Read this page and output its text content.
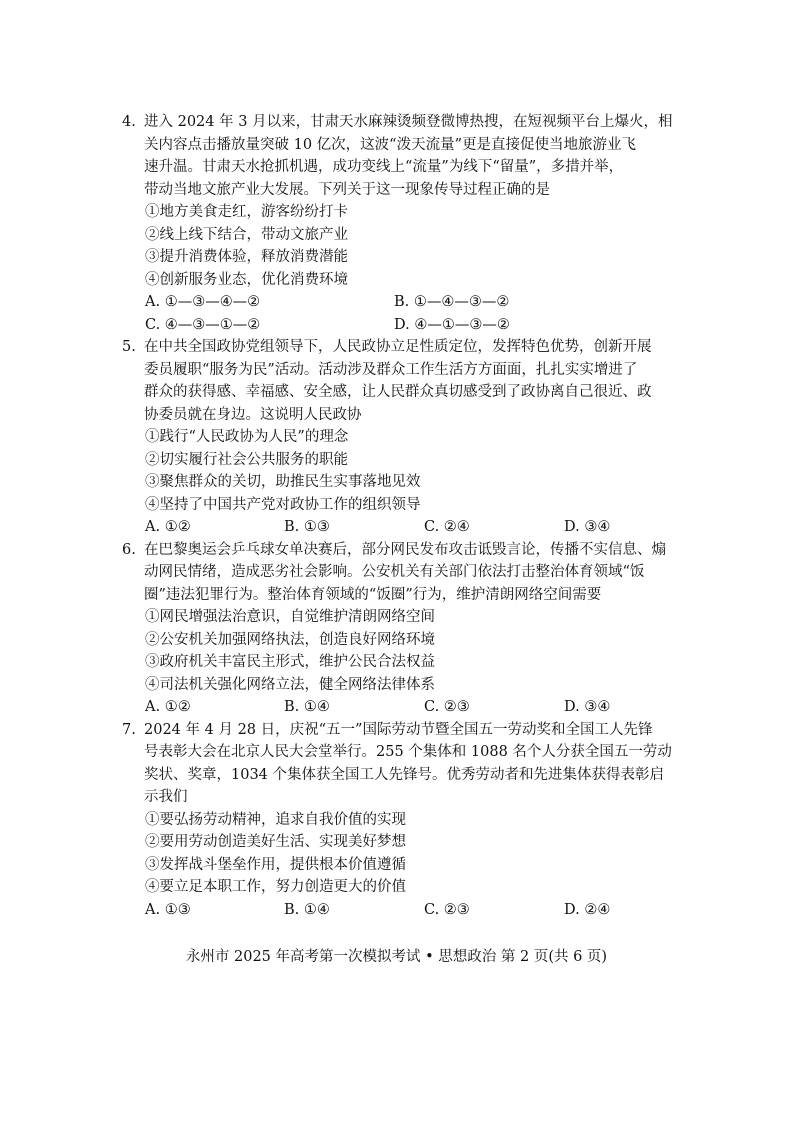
4. 进入 2024 年 3 月以来，甘肃天水麻辣烫频登微博热搜，在短视频平台上爆火，相
关内容点击播放量突破 10 亿次，这波“泼天流量”更是直接促使当地旅游业飞
速升温。甘肃天水抢抓机遇，成功变线上“流量”为线下“留量”，多措并举，
带动当地文旅产业大发展。下列关于这一现象传导过程正确的是
①地方美食走红，游客纷纷打卡
②线上线下结合，带动文旅产业
③提升消费体验，释放消费潜能
④创新服务业态，优化消费环境
A. ①—③—④—②	B. ①—④—③—②
C. ④—③—①—②	D. ④—①—③—②
5. 在中共全国政协党组领导下，人民政协立足性质定位，发挥特色优势，创新开展
委员履职“服务为民”活动。活动涉及群众工作生活方方面面，扎扎实实增进了
群众的获得感、幸福感、安全感，让人民群众真切感受到了政协离自己很近、政
协委员就在身边。这说明人民政协
①践行“人民政协为人民”的理念
②切实履行社会公共服务的职能
③聚焦群众的关切，助推民生实事落地见效
④坚持了中国共产党对政协工作的组织领导
A. ①②	B. ①③	C. ②④	D. ③④
6. 在巴黎奥运会乒乓球女单决赛后，部分网民发布攻击诋毁言论，传播不实信息、煽
动网民情绪，造成恶劣社会影响。公安机关有关部门依法打击整治体育领域“饭
圈”违法犯罪行为。整治体育领域的“饭圈”行为，维护清朗网络空间需要
①网民增强法治意识，自觉维护清朗网络空间
②公安机关加强网络执法，创造良好网络环境
③政府机关丰富民主形式，维护公民合法权益
④司法机关强化网络立法，健全网络法律体系
A. ①②	B. ①④	C. ②③	D. ③④
7. 2024 年 4 月 28 日，庆祝“五一”国际劳动节暨全国五一劳动奖和全国工人先锋
号表彰大会在北京人民大会堂举行。255 个集体和 1088 名个人分获全国五一劳动
奖状、奖章，1034 个集体获全国工人先锋号。优秀劳动者和先进集体获得表彰启
示我们
①要弘扬劳动精神，追求自我价值的实现
②要用劳动创造美好生活、实现美好梦想
③发挥战斗堡垒作用，提供根本价值遵循
④要立足本职工作，努力创造更大的价值
A. ①③	B. ①④	C. ②③	D. ②④
永州市 2025 年高考第一次模拟考试 • 思想政治 第 2 页(共 6 页)
